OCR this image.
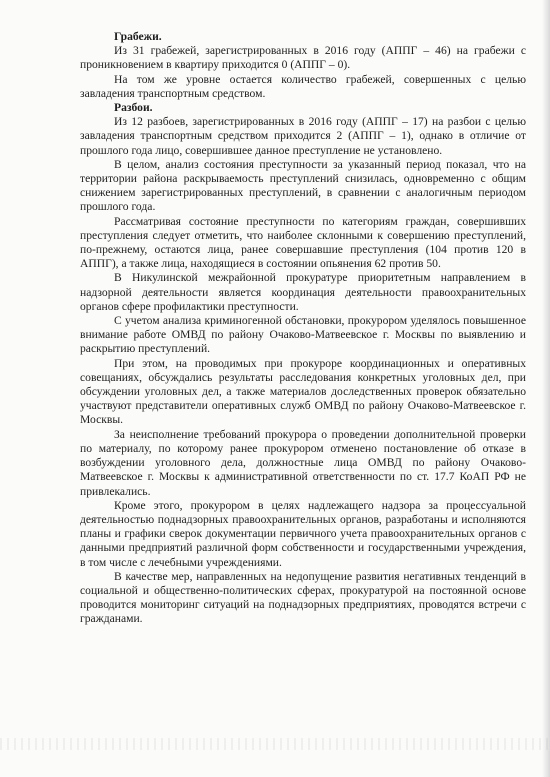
Грабежи.

Из 31 грабежей, зарегистрированных в 2016 году (АППГ – 46) на грабежи с проникновением в квартиру приходится 0 (АППГ – 0).

На том же уровне остается количество грабежей, совершенных с целью завладения транспортным средством.

Разбои.

Из 12 разбоев, зарегистрированных в 2016 году (АППГ – 17) на разбои с целью завладения транспортным средством приходится 2 (АППГ – 1), однако в отличие от прошлого года лицо, совершившее данное преступление не установлено.

В целом, анализ состояния преступности за указанный период показал, что на территории района раскрываемость преступлений снизилась, одновременно с общим снижением зарегистрированных преступлений, в сравнении с аналогичным периодом прошлого года.

Рассматривая состояние преступности по категориям граждан, совершивших преступления следует отметить, что наиболее склонными к совершению преступлений, по-прежнему, остаются лица, ранее совершавшие преступления (104 против 120 в АППГ), а также лица, находящиеся в состоянии опьянения 62 против 50.

В Никулинской межрайонной прокуратуре приоритетным направлением в надзорной деятельности является координация деятельности правоохранительных органов сфере профилактики преступности.

С учетом анализа криминогенной обстановки, прокурором уделялось повышенное внимание работе ОМВД по району Очаково-Матвеевское г. Москвы по выявлению и раскрытию преступлений.

При этом, на проводимых при прокуроре координационных и оперативных совещаниях, обсуждались результаты расследования конкретных уголовных дел, при обсуждении уголовных дел, а также материалов доследственных проверок обязательно участвуют представители оперативных служб ОМВД по району Очаково-Матвеевское г. Москвы.

За неисполнение требований прокурора о проведении дополнительной проверки по материалу, по которому ранее прокурором отменено постановление об отказе в возбуждении уголовного дела, должностные лица ОМВД по району Очаково-Матвеевское г. Москвы к административной ответственности по ст. 17.7 КоАП РФ не привлекались.

Кроме этого, прокурором в целях надлежащего надзора за процессуальной деятельностью поднадзорных правоохранительных органов, разработаны и исполняются планы и графики сверок документации первичного учета правоохранительных органов с данными предприятий различной форм собственности и государственными учреждения, в том числе с лечебными учреждениями.

В качестве мер, направленных на недопущение развития негативных тенденций в социальной и общественно-политических сферах, прокуратурой на постоянной основе проводится мониторинг ситуаций на поднадзорных предприятиях, проводятся встречи с гражданами.
